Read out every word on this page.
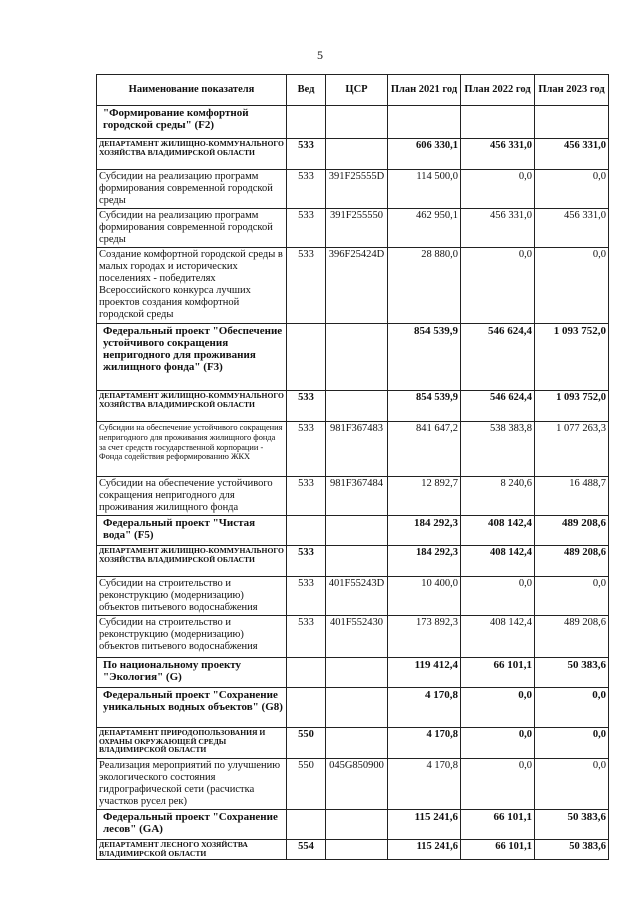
5
Наименование показателя	Вед	ЦСР	План 2021 год	План 2022 год	План 2023 год
"Формирование комфортной городской среды" (F2)					
ДЕПАРТАМЕНТ ЖИЛИЩНО-КОММУНАЛЬНОГО ХОЗЯЙСТВА ВЛАДИМИРСКОЙ ОБЛАСТИ	533		606 330,1	456 331,0	456 331,0
Субсидии на реализацию программ формирования современной городской среды	533	391F25555D	114 500,0	0,0	0,0
Субсидии на реализацию программ формирования современной городской среды	533	391F255550	462 950,1	456 331,0	456 331,0
Создание комфортной городской среды в малых городах и исторических поселениях - победителях Всероссийского конкурса лучших проектов создания комфортной городской среды	533	396F25424D	28 880,0	0,0	0,0
Федеральный проект "Обеспечение устойчивого сокращения непригодного для проживания жилищного фонда" (F3)			854 539,9	546 624,4	1 093 752,0
ДЕПАРТАМЕНТ ЖИЛИЩНО-КОММУНАЛЬНОГО ХОЗЯЙСТВА ВЛАДИМИРСКОЙ ОБЛАСТИ	533		854 539,9	546 624,4	1 093 752,0
Субсидии на обеспечение устойчивого сокращения непригодного для проживания жилищного фонда за счет средств государственной корпорации - Фонда содействия реформированию ЖКХ	533	981F367483	841 647,2	538 383,8	1 077 263,3
Субсидии на обеспечение устойчивого сокращения непригодного для проживания жилищного фонда	533	981F367484	12 892,7	8 240,6	16 488,7
Федеральный проект "Чистая вода" (F5)			184 292,3	408 142,4	489 208,6
ДЕПАРТАМЕНТ ЖИЛИЩНО-КОММУНАЛЬНОГО ХОЗЯЙСТВА ВЛАДИМИРСКОЙ ОБЛАСТИ	533		184 292,3	408 142,4	489 208,6
Субсидии на строительство и реконструкцию (модернизацию) объектов питьевого водоснабжения	533	401F55243D	10 400,0	0,0	0,0
Субсидии на строительство и реконструкцию (модернизацию) объектов питьевого водоснабжения	533	401F552430	173 892,3	408 142,4	489 208,6
По национальному проекту "Экология" (G)			119 412,4	66 101,1	50 383,6
Федеральный проект "Сохранение уникальных водных объектов" (G8)			4 170,8	0,0	0,0
ДЕПАРТАМЕНТ ПРИРОДОПОЛЬЗОВАНИЯ И ОХРАНЫ ОКРУЖАЮЩЕЙ СРЕДЫ ВЛАДИМИРСКОЙ ОБЛАСТИ	550		4 170,8	0,0	0,0
Реализация мероприятий по улучшению экологического состояния гидрографической сети (расчистка участков русел рек)	550	045G850900	4 170,8	0,0	0,0
Федеральный проект "Сохранение лесов" (GA)			115 241,6	66 101,1	50 383,6
ДЕПАРТАМЕНТ ЛЕСНОГО ХОЗЯЙСТВА ВЛАДИМИРСКОЙ ОБЛАСТИ	554		115 241,6	66 101,1	50 383,6
